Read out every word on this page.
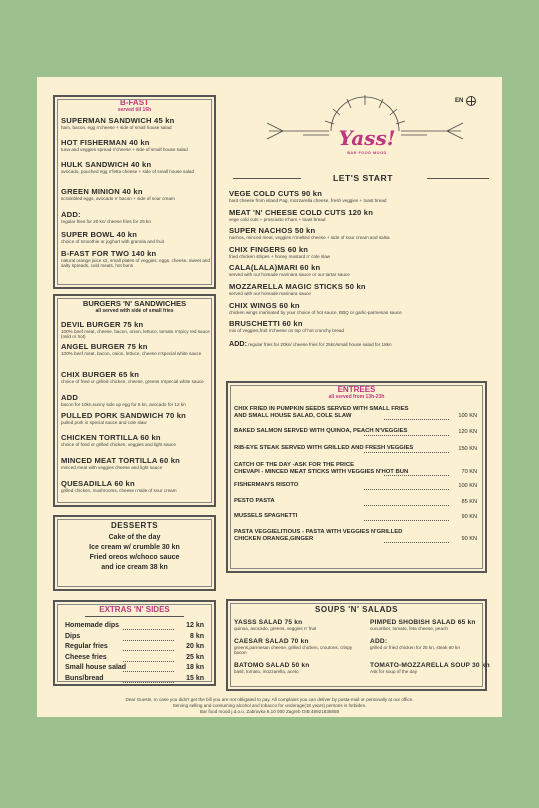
EN
Yass!
BAR FOOD MOOD
B-FAST
served till 16h
SUPERMAN SANDWICH 45 kn
ham, bacon, egg n'cheese + side of small house salad
HOT FISHERMAN 40 kn
tuna and veggies spread n'cheese + side of small house salad
HULK SANDWICH 40 kn
avocado, pouched egg n'fetta cheese + side of small house salad
GREEN MINION 40 kn
scrambled eggs, avocado n' bacon + side of sour cream
ADD:
regular fries for 20 kn/ cheese fries for 25 kn
SUPER BOWL 40 kn
choice of smoothie or joghurt with granola and fruit
B-FAST FOR TWO 140 kn
natural orange juice x2, small plates of veggies, eggs, cheese, sweet and salty spreads, cold meats, hot buns
BURGERS 'N' SANDWICHES
all served with side of small fries
DEVIL BURGER 75 kn
100% beef meat, cheese, bacon, onion, lettuce, tomato n'spicy red sauce (mild or hot)
ANGEL BURGER 75 kn
100% beef meat, bacon, onion, lettuce, cheese n'special white sauce
CHIX BURGER 65 kn
choice of fried or grilled chicken, cheese, greens n'special white sauce
ADD
bacon for 10kn,sunny side up egg for 8 kn, avocado for 12 kn
PULLED PORK SANDWICH 70 kn
pulled pork in special sauce and cole slaw
CHICKEN TORTILLA 60 kn
choice of fried or grilled chicken, veggies and light sauce
MINCED MEAT TORTILLA 60 kn
minced meat with veggies cheese and light sauce
QUESADILLA 60 kn
grilled chicken, mushrooms, cheese n'side of sour cream
DESSERTS
Cake of the day
Ice cream w/ crumble 30 kn
Fried oreos w/choco sauce
and ice cream 38 kn
EXTRAS 'N' SIDES
Homemade dips	12 kn
Dips	8 kn
Regular fries	20 kn
Cheese fries	25 kn
Small house salad	18 kn
Buns/bread	15 kn
LET'S START
VEGE COLD CUTS 90 kn
hard cheese from island Pag, mozzarella cheese, fresh veggies + toast bread
MEAT 'N' CHEESE COLD CUTS 120 kn
vege cold cuts + prosciutto n'ham + toast bread
SUPER NACHOS 50 kn
nachos, minced meat, veggies n'melted cheese + side of sour cream and salsa
CHIX FINGERS 60 kn
fried chicken stripes + honey mustard n' cole slaw
CALA(LALA)MARI 60 kn
served with our homade marinara sauce or our tartar sauce
MOZZARELLA MAGIC STICKS 50 kn
served with our homade marinara sauce
CHIX WINGS 60 kn
chicken wings marinated by your choice of hot sauce, BBQ or garlic-parmesan sauce
BRUSCHETTI 60 kn
mix of veggies,fruit n'cheese on top of hot crunchy bread
ADD: regular fries for 20kn/ cheese fries for 25kn/small house salad for 18kn
ENTREES
all served from 13h-23h
CHIX FRIED IN PUMPKIN SEEDS SERVED WITH SMALL FRIES
AND SMALL HOUSE SALAD, COLE SLAW	100 KN
BAKED SALMON SERVED WITH QUINOA, PEACH N'VEGGIES	120 KN
RIB-EYE STEAK SERVED WITH GRILLED AND FRESH VEGGIES	150 KN
CATCH OF THE DAY -ASK FOR THE PRICE
CHEVAPI - MINCED MEAT STICKS WITH VEGGIES N'HOT BUN	70 KN
FISHERMAN'S RISOTO	100 KN
PESTO PASTA	85 KN
MUSSELS SPAGHETTI	90 KN
PASTA VEGGIELITIOUS - PASTA WITH VEGGIES N'GRILLED
CHICKEN ORANGE,GINGER	90 KN
SOUPS 'N' SALADS
YASSS SALAD 75 kn
quinoa, avocado, greens, veggies n' fruit
CAESAR SALAD 70 kn
greens,parmesan cheese, grilled chicken, croutons, crispy bacon
BATOMO SALAD 50 kn
basil, tomato, mozzarella, aceto
PIMPED SHOBISH SALAD 65 kn
cucumber, tomato, feta cheese, peach
ADD:
grilled or fried chicken for 25 kn, steak 60 kn
TOMATO-MOZZARELLA SOUP 30 kn
Ask for soup of the day
Dear Guests, In case you didn't get the bill you are not obligated to pay. All complains you can deliver by posta-mail or personally at our office.
Serving selling and consuming alcohol and tobacco for underage(18 years) persons is forbiden.
Bar food mood j.d.o.o. Zabravka 6,10 000 Zagreb OIB:48921835858
